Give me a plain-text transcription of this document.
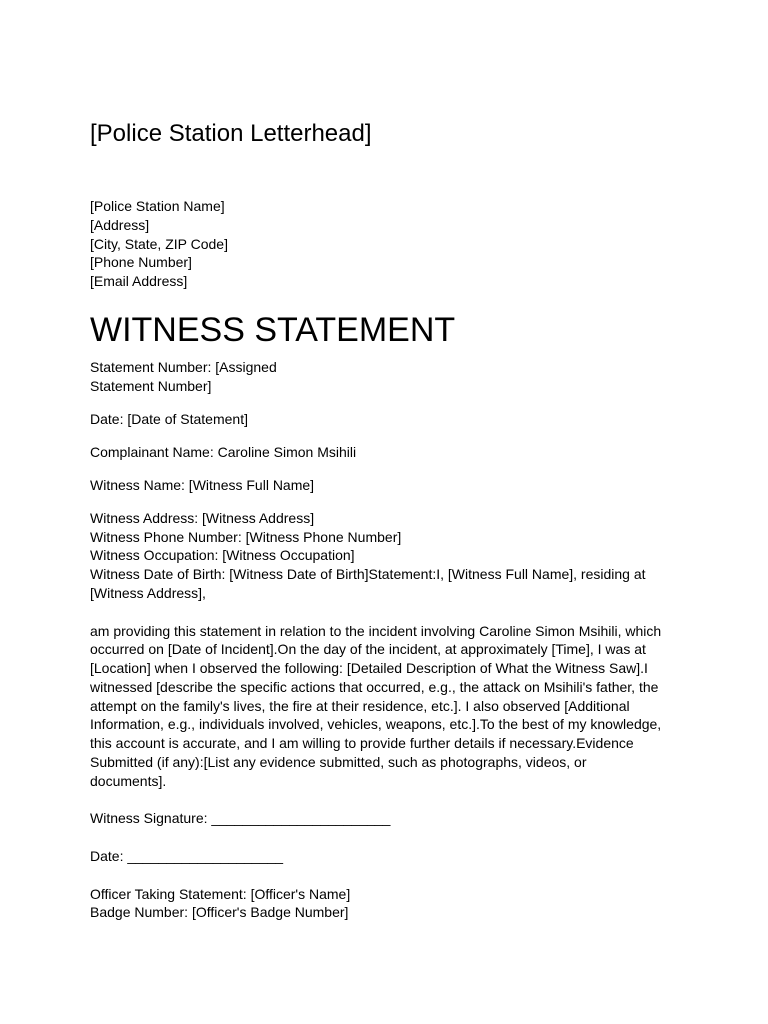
[Police Station Letterhead]
[Police Station Name]
[Address]
[City, State, ZIP Code]
[Phone Number]
[Email Address]
WITNESS STATEMENT
Statement Number: [Assigned Statement Number]
Date: [Date of Statement]
Complainant Name: Caroline Simon Msihili
Witness Name: [Witness Full Name]
Witness Address: [Witness Address]
Witness Phone Number: [Witness Phone Number]
Witness Occupation: [Witness Occupation]
Witness Date of Birth: [Witness Date of Birth]Statement:I, [Witness Full Name], residing at
[Witness Address],
am providing this statement in relation to the incident involving Caroline Simon Msihili, which occurred on [Date of Incident].On the day of the incident, at approximately [Time], I was at [Location] when I observed the following: [Detailed Description of What the Witness Saw].I witnessed [describe the specific actions that occurred, e.g., the attack on Msihili's father, the attempt on the family's lives, the fire at their residence, etc.]. I also observed [Additional Information, e.g., individuals involved, vehicles, weapons, etc.].To the best of my knowledge, this account is accurate, and I am willing to provide further details if necessary.Evidence Submitted (if any):[List any evidence submitted, such as photographs, videos, or documents].
Witness Signature: _______________________
Date: ____________________
Officer Taking Statement: [Officer's Name]
Badge Number: [Officer's Badge Number]
